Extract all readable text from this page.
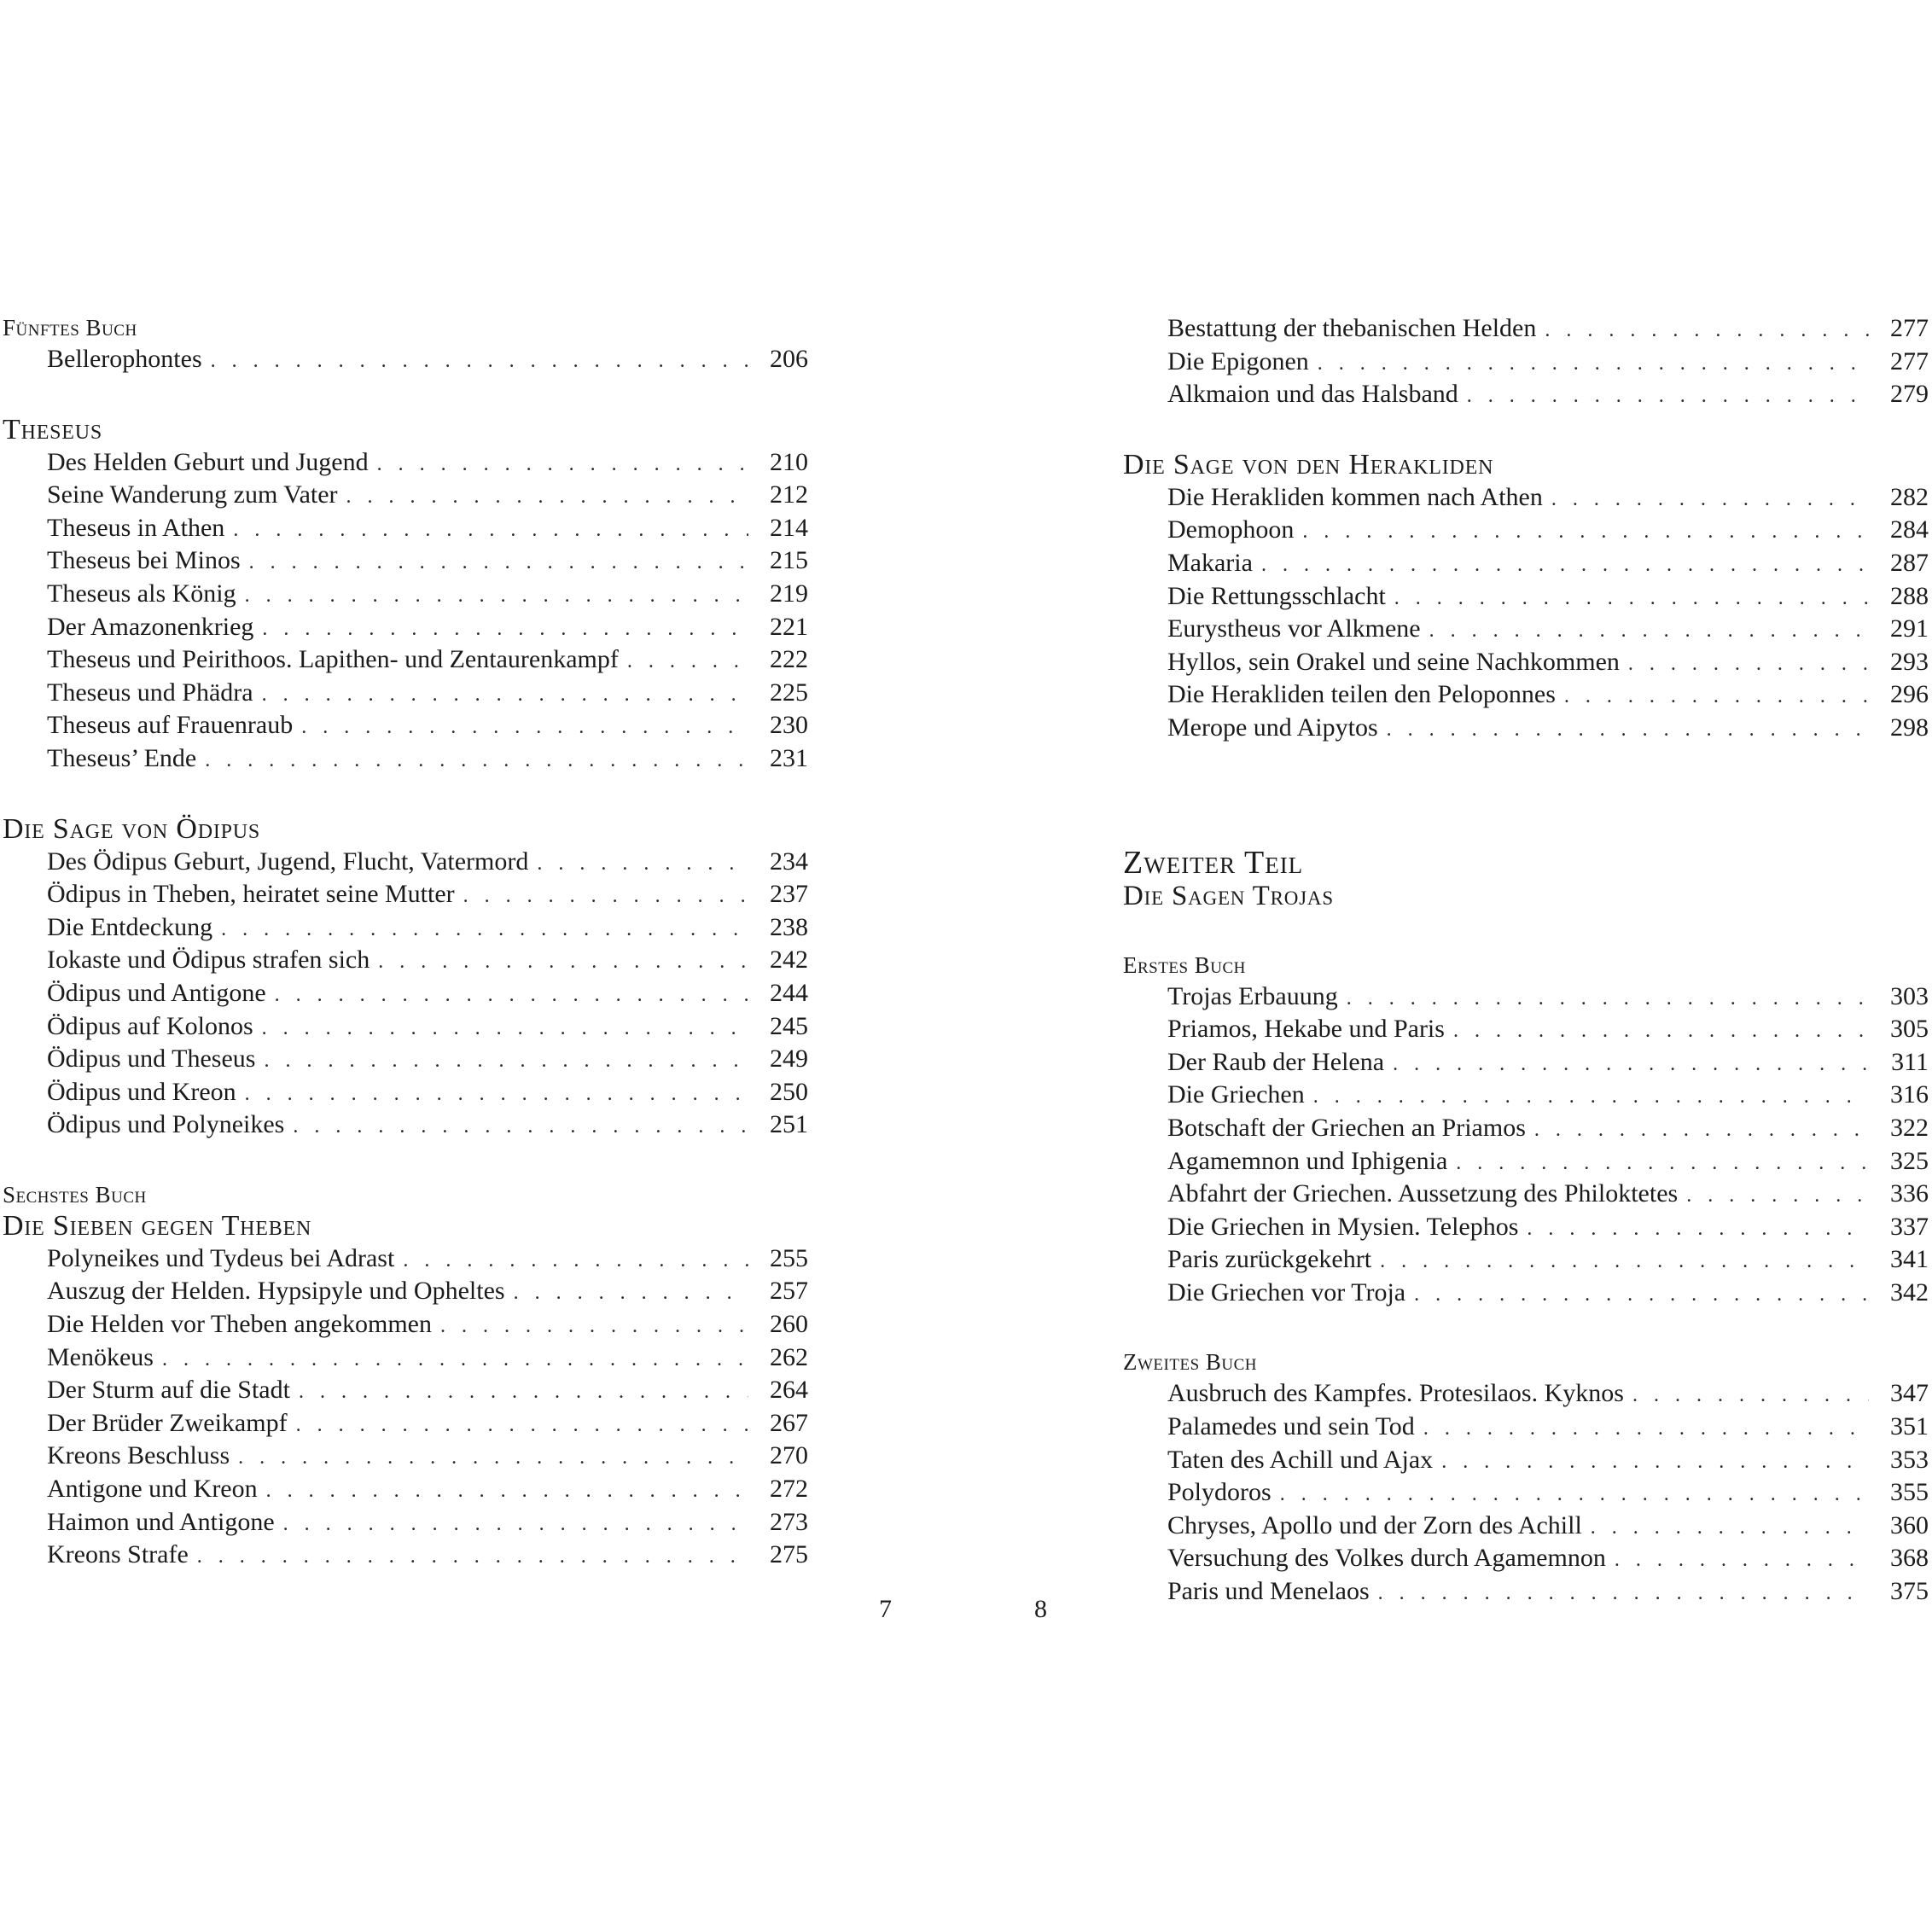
Fünftes Buch
Bellerophontes . . .	206
Theseus
Des Helden Geburt und Jugend . . .	210
Seine Wanderung zum Vater . . .	212
Theseus in Athen . . .	214
Theseus bei Minos . . .	215
Theseus als König . . .	219
Der Amazonenkrieg . . .	221
Theseus und Peirithoos. Lapithen- und Zentaurenkampf . . .	222
Theseus und Phädra . . .	225
Theseus auf Frauenraub . . .	230
Theseus’ Ende . . .	231
Die Sage von Ödipus
Des Ödipus Geburt, Jugend, Flucht, Vatermord . . .	234
Ödipus in Theben, heiratet seine Mutter . . .	237
Die Entdeckung . . .	238
Iokaste und Ödipus strafen sich . . .	242
Ödipus und Antigone . . .	244
Ödipus auf Kolonos . . .	245
Ödipus und Theseus . . .	249
Ödipus und Kreon . . .	250
Ödipus und Polyneikes . . .	251
Sechstes Buch
Die Sieben gegen Theben
Polyneikes und Tydeus bei Adrast . . .	255
Auszug der Helden. Hypsipyle und Opheltes . . .	257
Die Helden vor Theben angekommen . . .	260
Menökeus . . .	262
Der Sturm auf die Stadt . . .	264
Der Brüder Zweikampf . . .	267
Kreons Beschluss . . .	270
Antigone und Kreon . . .	272
Haimon und Antigone . . .	273
Kreons Strafe . . .	275
Bestattung der thebanischen Helden . . .	277
Die Epigonen . . .	277
Alkmaion und das Halsband . . .	279
Die Sage von den Herakliden
Die Herakliden kommen nach Athen . . .	282
Demophoon . . .	284
Makaria . . .	287
Die Rettungsschlacht . . .	288
Eurystheus vor Alkmene . . .	291
Hyllos, sein Orakel und seine Nachkommen . . .	293
Die Herakliden teilen den Peloponnes . . .	296
Merope und Aipytos . . .	298
Zweiter Teil
Die Sagen Trojas
Erstes Buch
Trojas Erbauung . . .	303
Priamos, Hekabe und Paris . . .	305
Der Raub der Helena . . .	311
Die Griechen . . .	316
Botschaft der Griechen an Priamos . . .	322
Agamemnon und Iphigenia . . .	325
Abfahrt der Griechen. Aussetzung des Philoktetes . . .	336
Die Griechen in Mysien. Telephos . . .	337
Paris zurückgekehrt . . .	341
Die Griechen vor Troja . . .	342
Zweites Buch
Ausbruch des Kampfes. Protesilaos. Kyknos . . .	347
Palamedes und sein Tod . . .	351
Taten des Achill und Ajax . . .	353
Polydoros . . .	355
Chryses, Apollo und der Zorn des Achill . . .	360
Versuchung des Volkes durch Agamemnon . . .	368
Paris und Menelaos . . .	375
7	8
